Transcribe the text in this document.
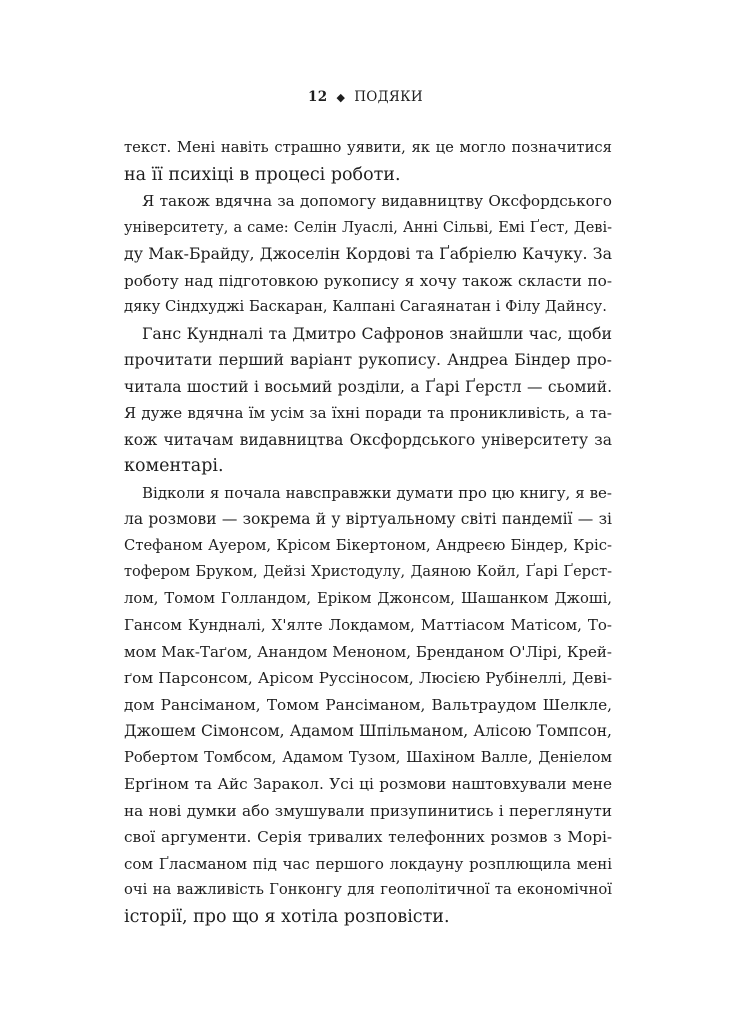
12 ◆ ПОДЯКИ
текст. Мені навіть страшно уявити, як це могло позначитися
на її психіці в процесі роботи.
Я також вдячна за допомогу видавництву Оксфордського
університету, а саме: Селін Луаслі, Анні Сільві, Емі Ґест, Деві-
ду Мак-Брайду, Джоселін Кордові та Ґабріелю Качуку. За
роботу над підготовкою рукопису я хочу також скласти по-
дяку Сіндхуджі Баскаран, Калпані Сагаянатан і Філу Дайнсу.
Ганс Кундналі та Дмитро Сафронов знайшли час, щоби
прочитати перший варіант рукопису. Андреа Біндер про-
читала шостий і восьмий розділи, а Ґарі Ґерстл — сьомий.
Я дуже вдячна їм усім за їхні поради та проникливість, а та-
кож читачам видавництва Оксфордського університету за
коментарі.
Відколи я почала навсправжки думати про цю книгу, я ве-
ла розмови — зокрема й у віртуальному світі пандемії — зі
Стефаном Ауером, Крісом Бікертоном, Андреєю Біндер, Кріс-
тофером Бруком, Дейзі Христодулу, Даяною Койл, Ґарі Ґерст-
лом, Томом Голландом, Еріком Джонсом, Шашанком Джоші,
Гансом Кундналі, Х'ялте Локдамом, Маттіасом Матісом, То-
мом Мак-Таґом, Анандом Меноном, Бренданом О'Лірі, Крей-
ґом Парсонсом, Арісом Руссіносом, Люсією Рубінеллі, Деві-
дом Рансіманом, Томом Рансіманом, Вальтраудом Шелкле,
Джошем Сімонсом, Адамом Шпільманом, Алісою Томпсон,
Робертом Томбсом, Адамом Тузом, Шахіном Валле, Деніелом
Ерґіном та Айс Заракол. Усі ці розмови наштовхували мене
на нові думки або змушували призупинитись і переглянути
свої аргументи. Серія тривалих телефонних розмов з Морі-
сом Ґласманом під час першого локдауну розплющила мені
очі на важливість Гонконгу для геополітичної та економічної
історії, про що я хотіла розповісти.
